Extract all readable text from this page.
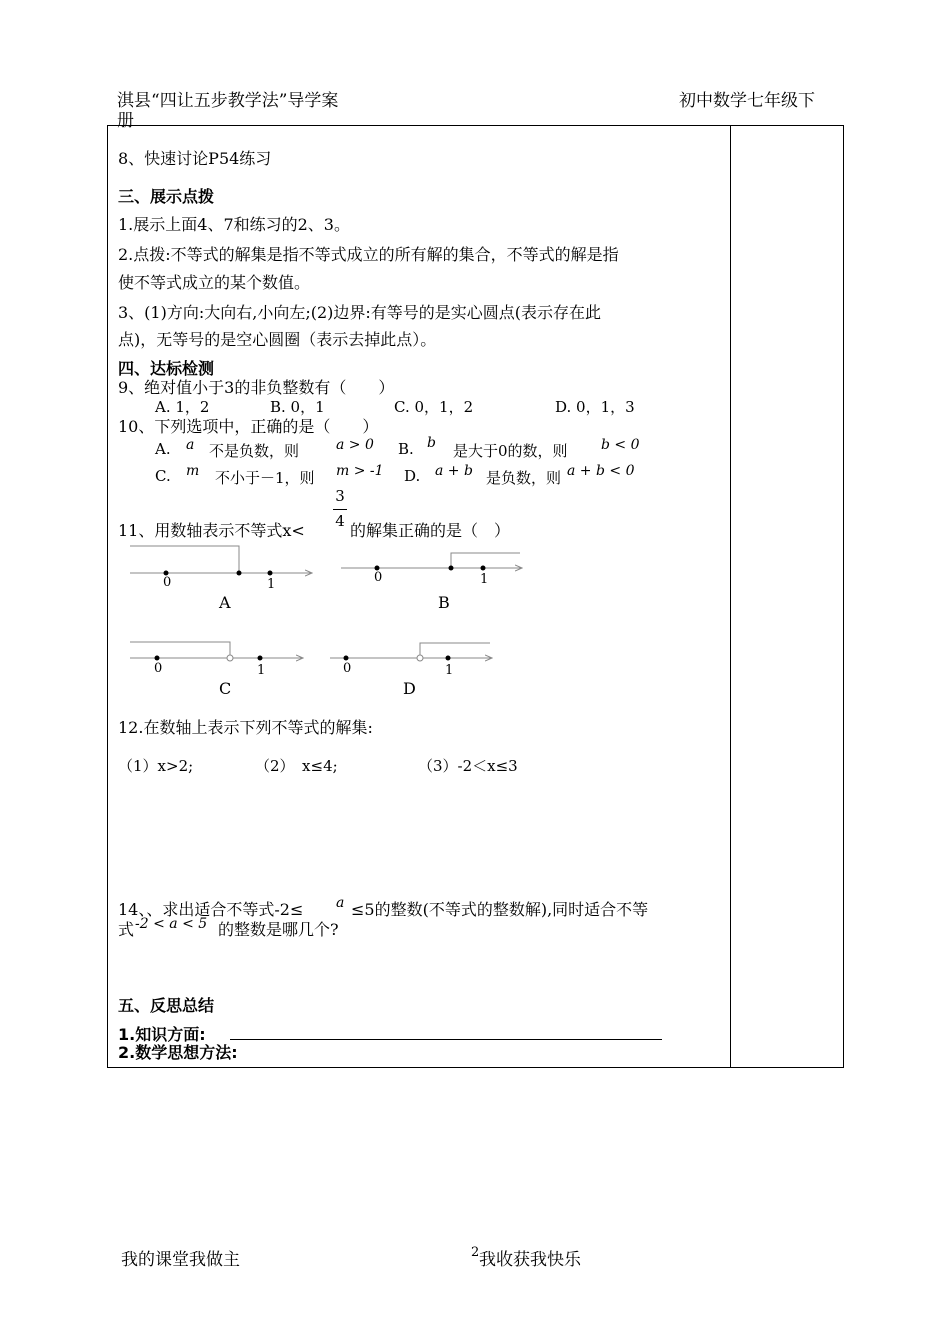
淇县“四让五步教学法”导学案
册
初中数学七年级下
8、快速讨论P54练习
三、展示点拨
1.展示上面4、7和练习的2、3。
2.点拨:不等式的解集是指不等式成立的所有解的集合，不等式的解是指
使不等式成立的某个数值。
3、(1)方向:大向右,小向左;(2)边界:有等号的是实心圆点(表示存在此
点)，无等号的是空心圆圈（表示去掉此点）。
四、达标检测
9、绝对值小于3的非负整数有（　　）
A. 1，2	B. 0，1	C. 0，1，2	D. 0，1，3
10、下列选项中，正确的是（　　）
A. a 不是负数，则	a > 0 B. b 是大于0的数，则 b < 0
C. m 不小于－1，则 m > -1 D. a + b 是负数，则 a + b < 0
11、用数轴表示不等式x<
3
4 的解集正确的是（　）
0	1
A
0	1
B
0	1
C
0	1
D
12.在数轴上表示下列不等式的解集:
（1）x>2;	（2）　x≤4;	（3）-2＜x≤3
14、、求出适合不等式-2≤ a ≤5的整数(不等式的整数解),同时适合不等
式 -2 < a < 5 的整数是哪几个?
五、反思总结
1.知识方面:
2.数学思想方法:
我的课堂我做主	2 我收获我快乐
